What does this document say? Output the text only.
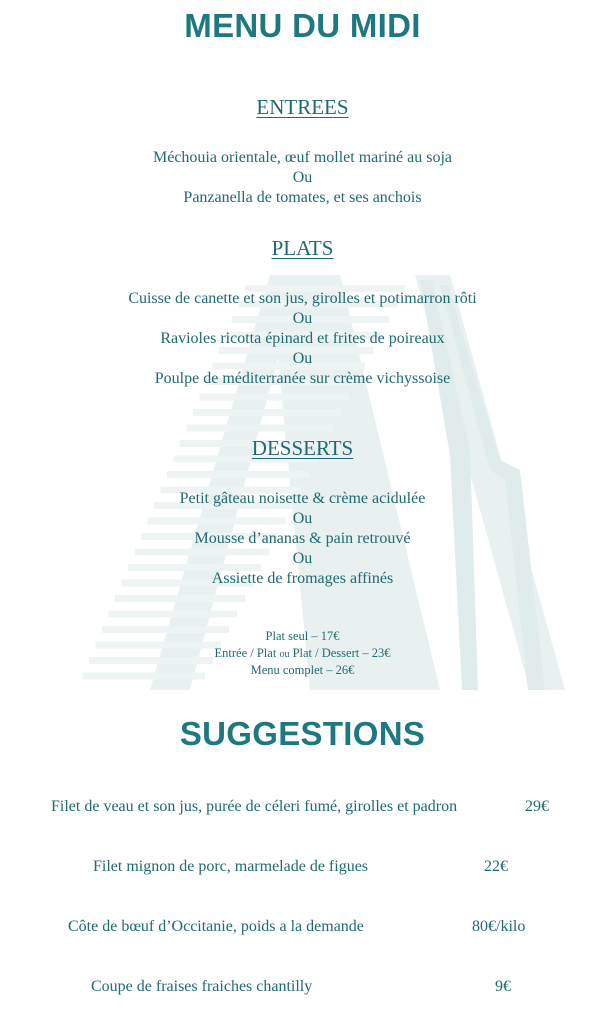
MENU DU MIDI
ENTREES
Méchouia orientale, œuf mollet mariné au soja
Ou
Panzanella de tomates, et ses anchois
PLATS
Cuisse de canette et son jus, girolles et potimarron rôti
Ou
Ravioles ricotta épinard et frites de poireaux
Ou
Poulpe de méditerranée sur crème vichyssoise
DESSERTS
Petit gâteau noisette & crème acidulée
Ou
Mousse d’ananas & pain retrouvé
Ou
Assiette de fromages affinés
Plat seul – 17€
Entrée / Plat ou Plat / Dessert – 23€
Menu complet – 26€
SUGGESTIONS
Filet de veau et son jus, purée de céleri fumé, girolles et padron	29€
Filet mignon de porc, marmelade de figues	22€
Côte de bœuf d’Occitanie, poids a la demande	80€/kilo
Coupe de fraises fraiches chantilly	9€
